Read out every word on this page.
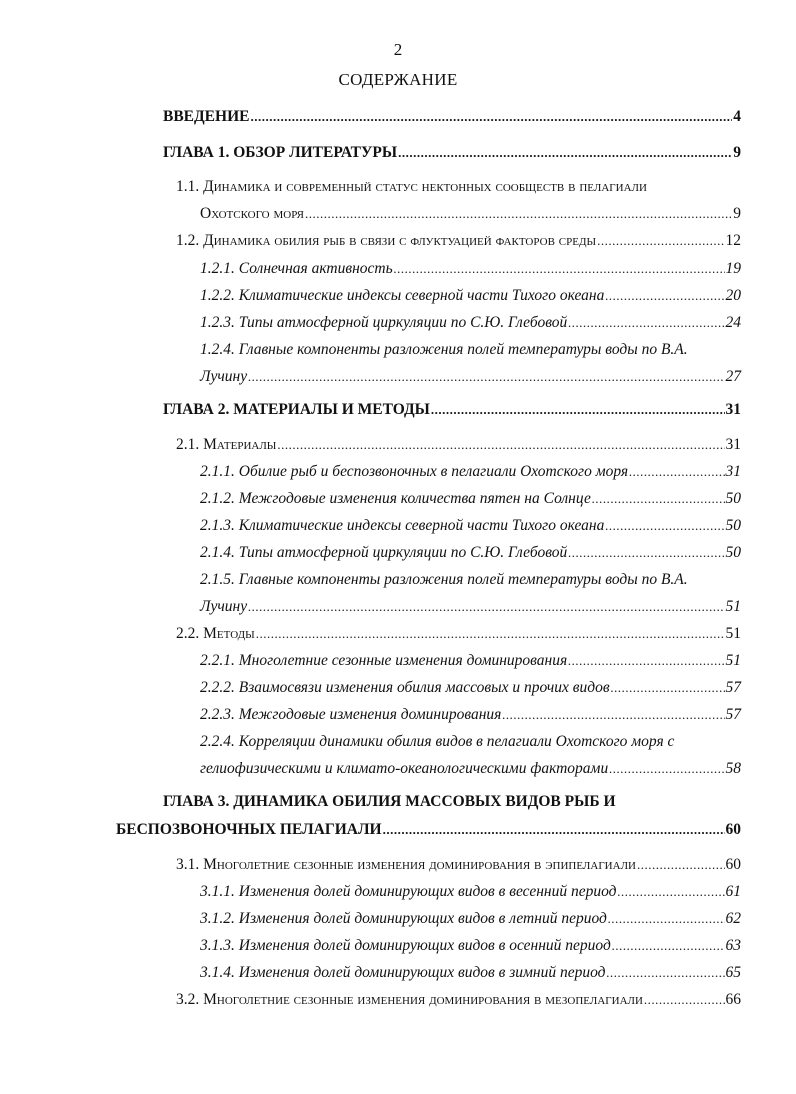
2
СОДЕРЖАНИЕ
ВВЕДЕНИЕ .....	4
ГЛАВА 1. ОБЗОР ЛИТЕРАТУРЫ .....	9
1.1. Динамика и современный статус нектонных сообществ в пелагиали
Охотского моря .....	9
1.2. Динамика обилия рыб в связи с флуктуацией факторов среды .....	12
1.2.1. Солнечная активность .....	19
1.2.2. Климатические индексы северной части Тихого океана .....	20
1.2.3. Типы атмосферной циркуляции по С.Ю. Глебовой .....	24
1.2.4. Главные компоненты разложения полей температуры воды по В.А.
Лучину .....	27
ГЛАВА 2. МАТЕРИАЛЫ И МЕТОДЫ .....	31
2.1. Материалы .....	31
2.1.1. Обилие рыб и беспозвоночных в пелагиали Охотского моря .....	31
2.1.2. Межгодовые изменения количества пятен на Солнце .....	50
2.1.3. Климатические индексы северной части Тихого океана .....	50
2.1.4. Типы атмосферной циркуляции по С.Ю. Глебовой .....	50
2.1.5. Главные компоненты разложения полей температуры воды по В.А.
Лучину .....	51
2.2. Методы .....	51
2.2.1. Многолетние сезонные изменения доминирования .....	51
2.2.2. Взаимосвязи изменения обилия массовых и прочих видов .....	57
2.2.3. Межгодовые изменения доминирования .....	57
2.2.4. Корреляции динамики обилия видов в пелагиали Охотского моря с
гелиофизическими и климато-океанологическими факторами .....	58
ГЛАВА 3. ДИНАМИКА ОБИЛИЯ МАССОВЫХ ВИДОВ РЫБ И
БЕСПОЗВОНОЧНЫХ ПЕЛАГИАЛИ .....	60
3.1. Многолетние сезонные изменения доминирования в эпипелагиали .....	60
3.1.1. Изменения долей доминирующих видов в весенний период .....	61
3.1.2. Изменения долей доминирующих видов в летний период .....	62
3.1.3. Изменения долей доминирующих видов в осенний период .....	63
3.1.4. Изменения долей доминирующих видов в зимний период .....	65
3.2. Многолетние сезонные изменения доминирования в мезопелагиали .....	66
